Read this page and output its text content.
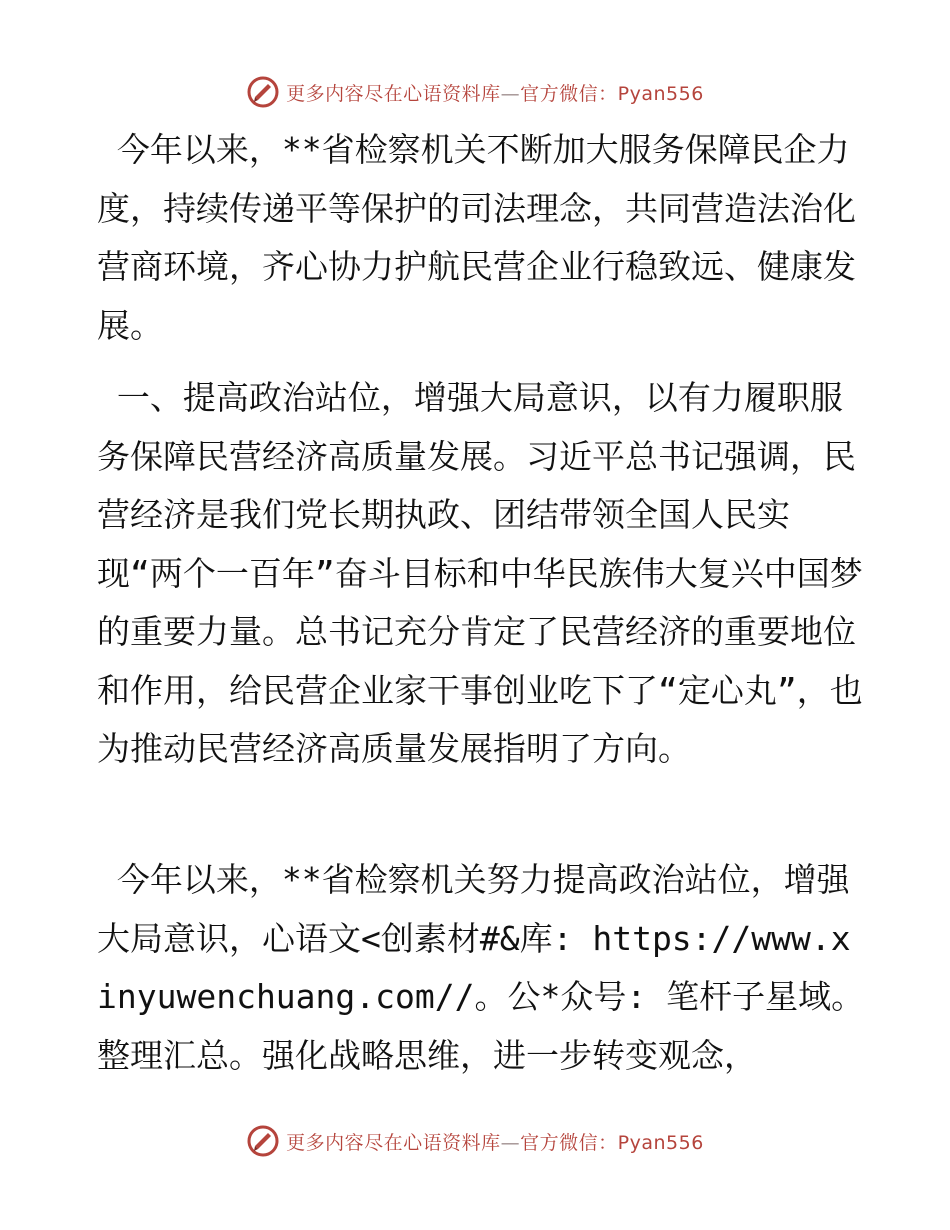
更多内容尽在心语资料库—官方微信：Pyan556

今年以来，**省检察机关不断加大服务保障民企力度，持续传递平等保护的司法理念，共同营造法治化营商环境，齐心协力护航民营企业行稳致远、健康发展。

一、提高政治站位，增强大局意识，以有力履职服务保障民营经济高质量发展。习近平总书记强调，民营经济是我们党长期执政、团结带领全国人民实现“两个一百年”奋斗目标和中华民族伟大复兴中国梦的重要力量。总书记充分肯定了民营经济的重要地位和作用，给民营企业家干事创业吃下了“定心丸”，也为推动民营经济高质量发展指明了方向。

今年以来，**省检察机关努力提高政治站位，增强大局意识，心语文<创素材#&库: https://www.xinyuwenchuang.com//。公*众号: 笔杆子星域。整理汇总。强化战略思维，进一步转变观念，

更多内容尽在心语资料库—官方微信：Pyan556
